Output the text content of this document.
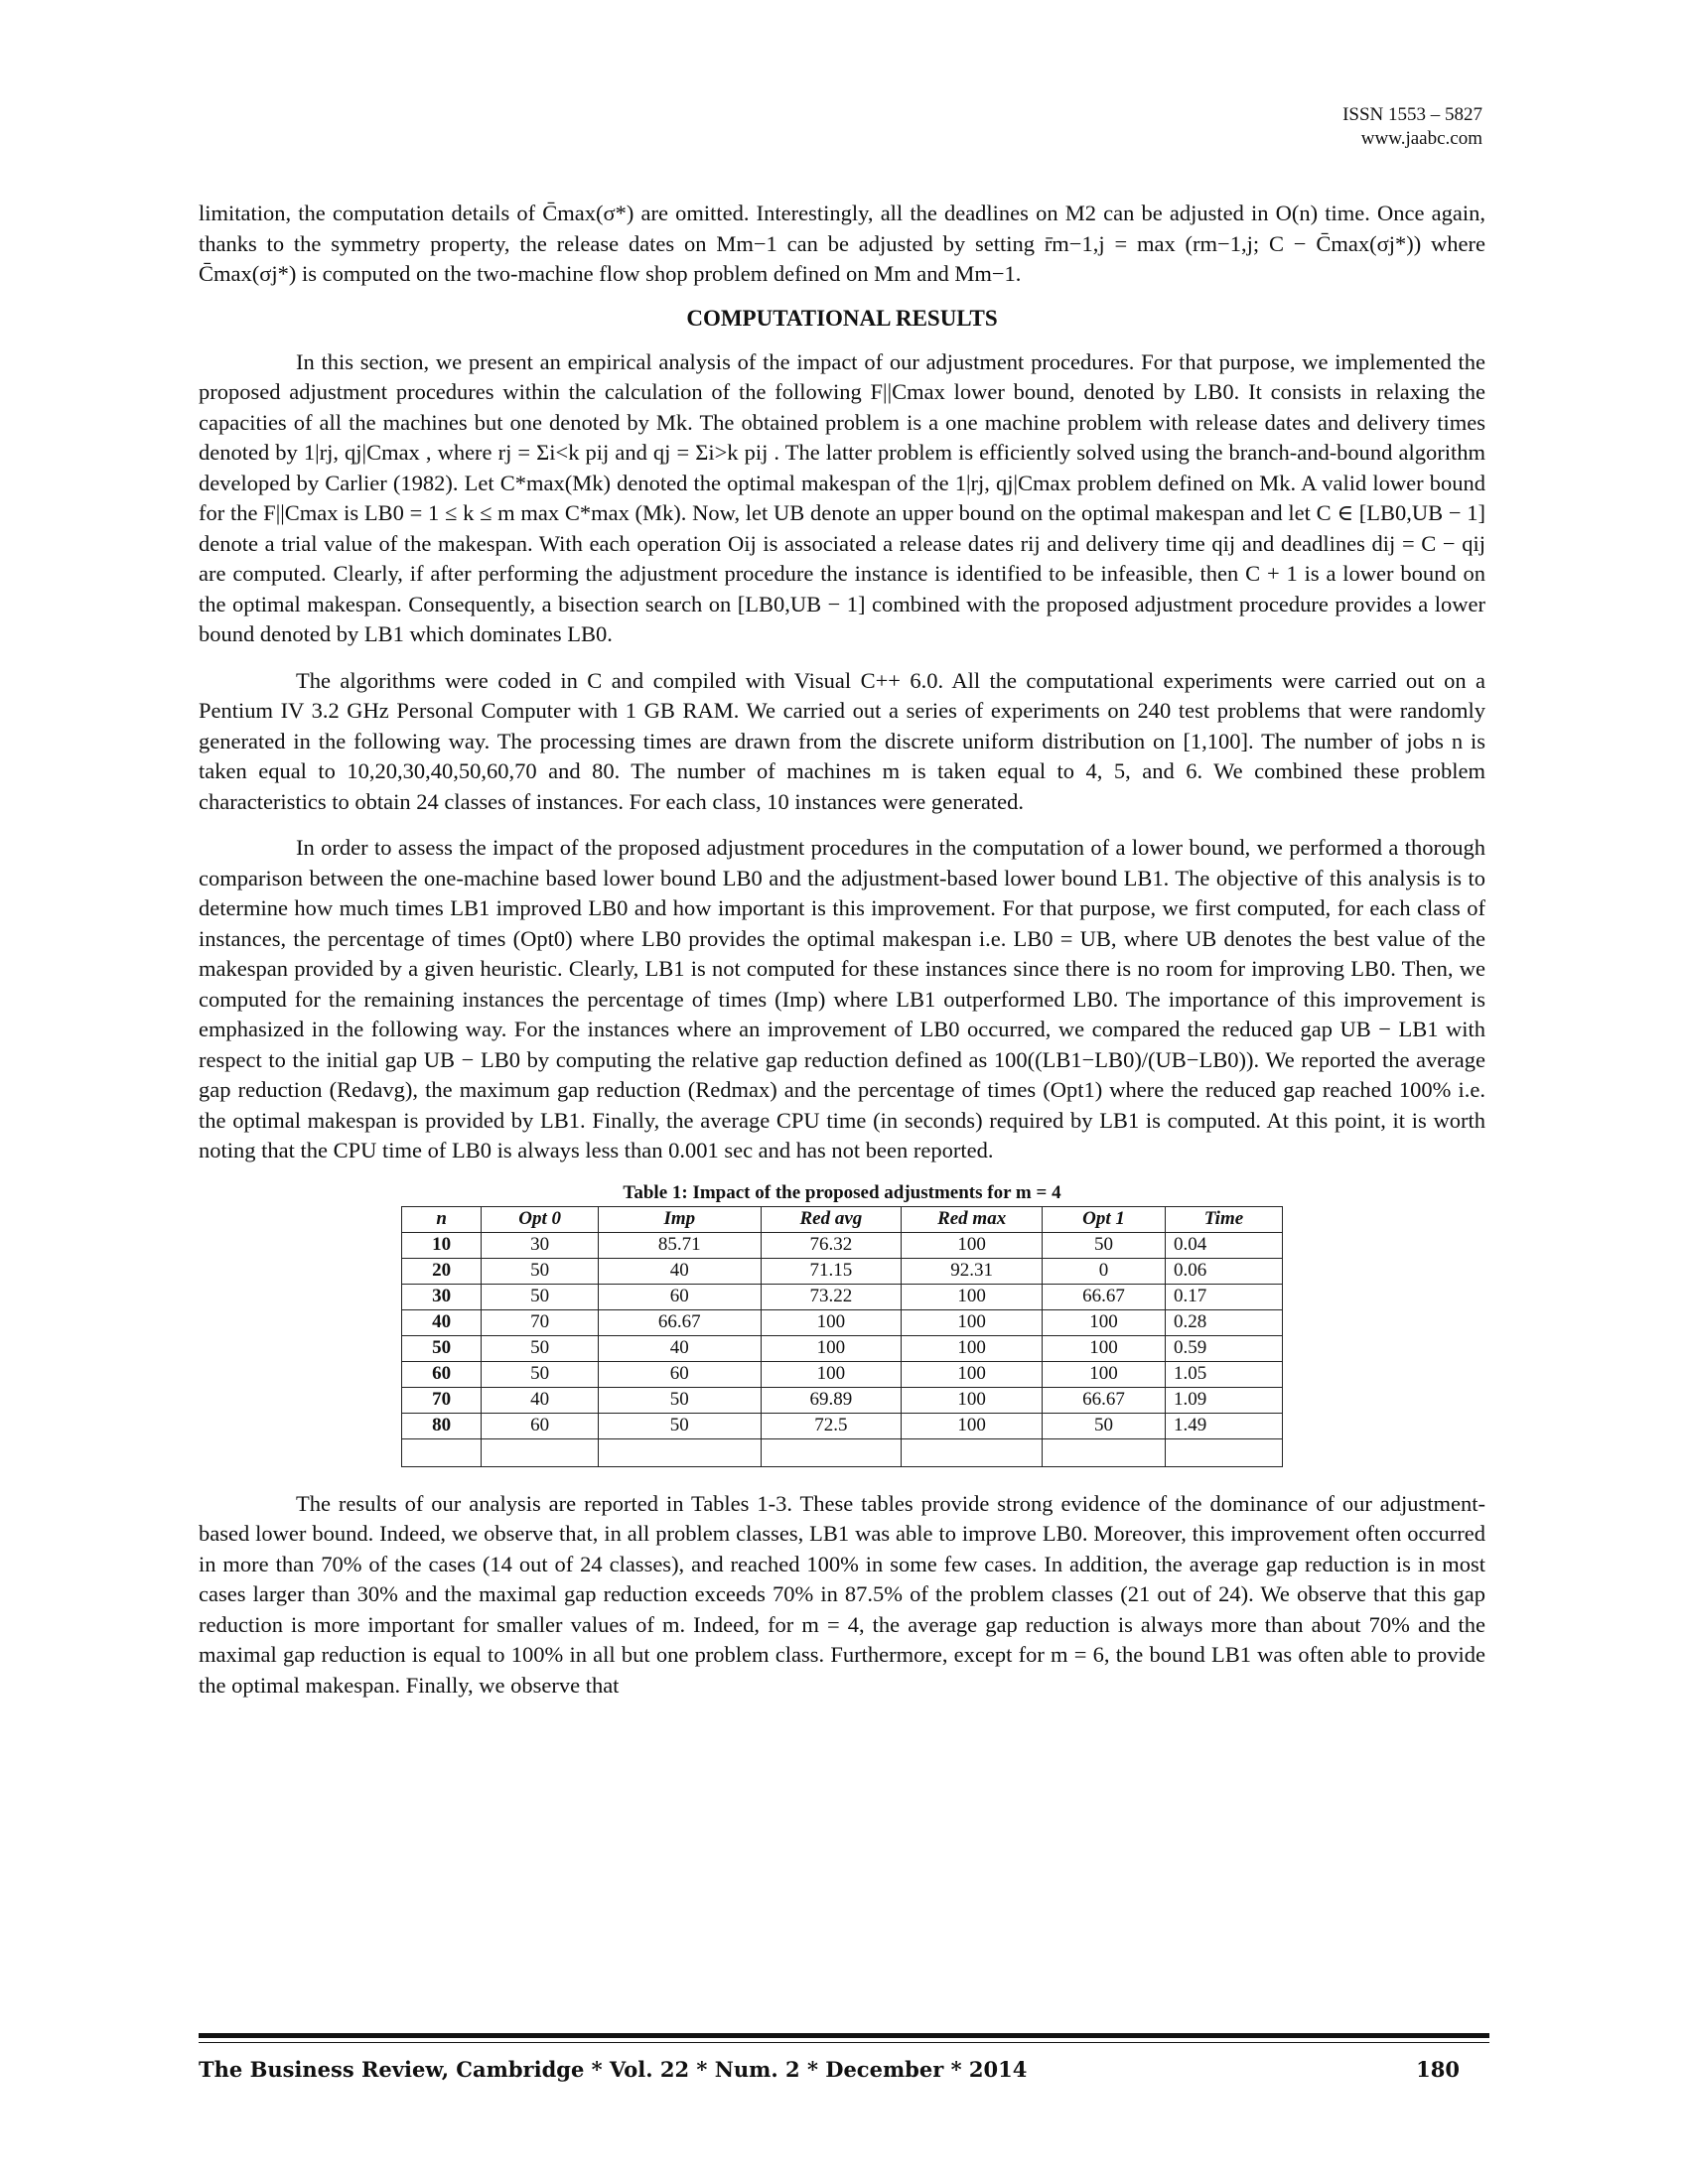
ISSN 1553 – 5827
www.jaabc.com

limitation, the computation details of C̄max(σ*) are omitted. Interestingly, all the deadlines on M2 can be adjusted in O(n) time. Once again, thanks to the symmetry property, the release dates on Mm−1 can be adjusted by setting r̄m−1,j = max (rm−1,j; C − C̄max(σj*)) where C̄max(σj*) is computed on the two-machine flow shop problem defined on Mm and Mm−1.

COMPUTATIONAL RESULTS

In this section, we present an empirical analysis of the impact of our adjustment procedures. For that purpose, we implemented the proposed adjustment procedures within the calculation of the following F||Cmax lower bound, denoted by LB0. It consists in relaxing the capacities of all the machines but one denoted by Mk. The obtained problem is a one machine problem with release dates and delivery times denoted by 1|rj, qj|Cmax , where rj = Σi<k pij and qj = Σi>k pij . The latter problem is efficiently solved using the branch-and-bound algorithm developed by Carlier (1982). Let C*max(Mk) denoted the optimal makespan of the 1|rj, qj|Cmax problem defined on Mk. A valid lower bound for the F||Cmax is LB0 = 1 ≤ k ≤ m max C*max (Mk). Now, let UB denote an upper bound on the optimal makespan and let C ∈ [LB0,UB − 1] denote a trial value of the makespan. With each operation Oij is associated a release dates rij and delivery time qij and deadlines dij = C − qij are computed. Clearly, if after performing the adjustment procedure the instance is identified to be infeasible, then C + 1 is a lower bound on the optimal makespan. Consequently, a bisection search on [LB0,UB − 1] combined with the proposed adjustment procedure provides a lower bound denoted by LB1 which dominates LB0.

The algorithms were coded in C and compiled with Visual C++ 6.0. All the computational experiments were carried out on a Pentium IV 3.2 GHz Personal Computer with 1 GB RAM. We carried out a series of experiments on 240 test problems that were randomly generated in the following way. The processing times are drawn from the discrete uniform distribution on [1,100]. The number of jobs n is taken equal to 10,20,30,40,50,60,70 and 80. The number of machines m is taken equal to 4, 5, and 6. We combined these problem characteristics to obtain 24 classes of instances. For each class, 10 instances were generated.

In order to assess the impact of the proposed adjustment procedures in the computation of a lower bound, we performed a thorough comparison between the one-machine based lower bound LB0 and the adjustment-based lower bound LB1. The objective of this analysis is to determine how much times LB1 improved LB0 and how important is this improvement. For that purpose, we first computed, for each class of instances, the percentage of times (Opt0) where LB0 provides the optimal makespan i.e. LB0 = UB, where UB denotes the best value of the makespan provided by a given heuristic. Clearly, LB1 is not computed for these instances since there is no room for improving LB0. Then, we computed for the remaining instances the percentage of times (Imp) where LB1 outperformed LB0. The importance of this improvement is emphasized in the following way. For the instances where an improvement of LB0 occurred, we compared the reduced gap UB − LB1 with respect to the initial gap UB − LB0 by computing the relative gap reduction defined as 100((LB1−LB0)/(UB−LB0)). We reported the average gap reduction (Redavg), the maximum gap reduction (Redmax) and the percentage of times (Opt1) where the reduced gap reached 100% i.e. the optimal makespan is provided by LB1. Finally, the average CPU time (in seconds) required by LB1 is computed. At this point, it is worth noting that the CPU time of LB0 is always less than 0.001 sec and has not been reported.

Table 1: Impact of the proposed adjustments for m = 4
n	Opt 0	Imp	Red avg	Red max	Opt 1	Time
10	30	85.71	76.32	100	50	0.04
20	50	40	71.15	92.31	0	0.06
30	50	60	73.22	100	66.67	0.17
40	70	66.67	100	100	100	0.28
50	50	40	100	100	100	0.59
60	50	60	100	100	100	1.05
70	40	50	69.89	100	66.67	1.09
80	60	50	72.5	100	50	1.49

The results of our analysis are reported in Tables 1-3. These tables provide strong evidence of the dominance of our adjustment-based lower bound. Indeed, we observe that, in all problem classes, LB1 was able to improve LB0. Moreover, this improvement often occurred in more than 70% of the cases (14 out of 24 classes), and reached 100% in some few cases. In addition, the average gap reduction is in most cases larger than 30% and the maximal gap reduction exceeds 70% in 87.5% of the problem classes (21 out of 24). We observe that this gap reduction is more important for smaller values of m. Indeed, for m = 4, the average gap reduction is always more than about 70% and the maximal gap reduction is equal to 100% in all but one problem class. Furthermore, except for m = 6, the bound LB1 was often able to provide the optimal makespan. Finally, we observe that

The Business Review, Cambridge * Vol. 22 * Num. 2 * December * 2014	180
